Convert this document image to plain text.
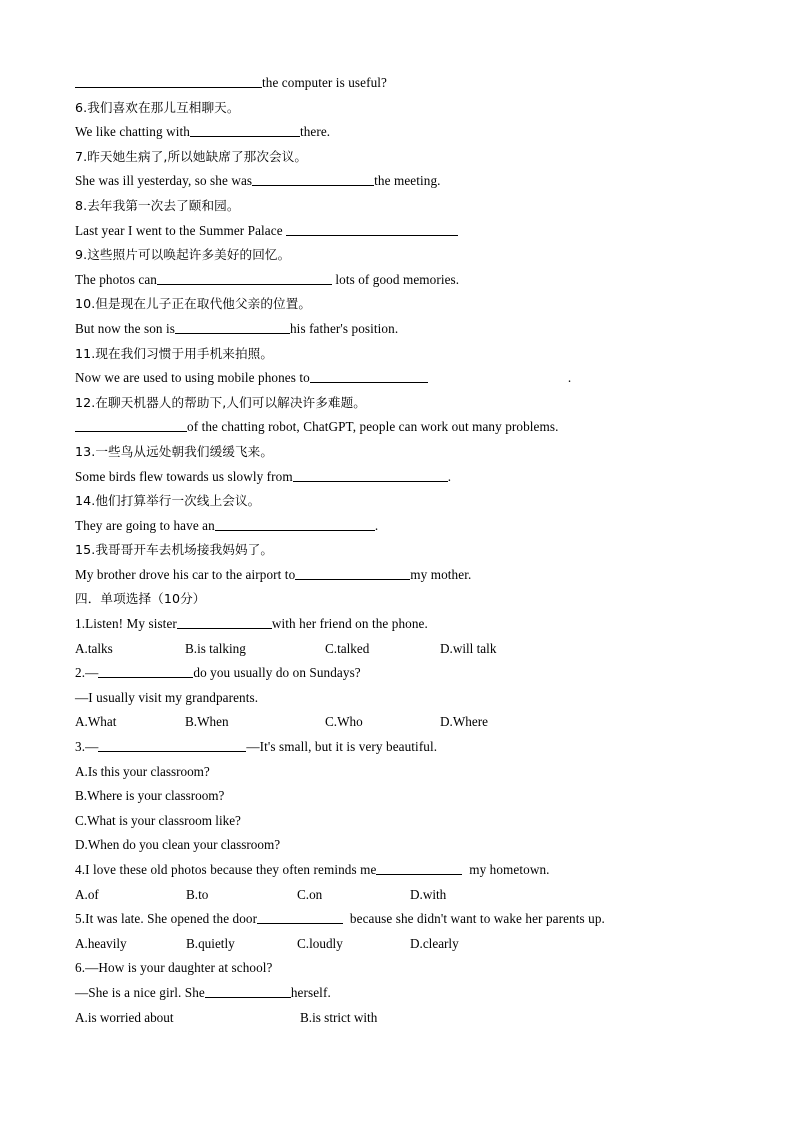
the computer is useful?
6.我们喜欢在那儿互相聊天。
We like chatting with	there.
7.昨天她生病了,所以她缺席了那次会议。
She was ill yesterday, so she was	the meeting.
8.去年我第一次去了颐和园。
Last year I went to the Summer Palace
9.这些照片可以唤起许多美好的回忆。
The photos can	lots of good memories.
10.但是现在儿子正在取代他父亲的位置。
But now the son is	his father's position.
11.现在我们习惯于用手机来拍照。
Now we are used to using mobile phones to	.
12.在聊天机器人的帮助下,人们可以解决许多难题。
of the chatting robot, ChatGPT, people can work out many problems.
13.一些鸟从远处朝我们缓缓飞来。
Some birds flew towards us slowly from	.
14.他们打算举行一次线上会议。
They are going to have an	.
15.我哥哥开车去机场接我妈妈了。
My brother drove his car to the airport to	my mother.
四．单项选择（10分）
1.Listen! My sister	with her friend on the phone.
A.talks	B.is talking	C.talked	D.will talk
2.—	do you usually do on Sundays?
—I usually visit my grandparents.
A.What	B.When	C.Who	D.Where
3.—	—It's small, but it is very beautiful.
A.Is this your classroom?
B.Where is your classroom?
C.What is your classroom like?
D.When do you clean your classroom?
4.I love these old photos because they often reminds me	my hometown.
A.of	B.to	C.on	D.with
5.It was late. She opened the door	because she didn't want to wake her parents up.
A.heavily	B.quietly	C.loudly	D.clearly
6.—How is your daughter at school?
—She is a nice girl. She	herself.
A.is worried about	B.is strict with
